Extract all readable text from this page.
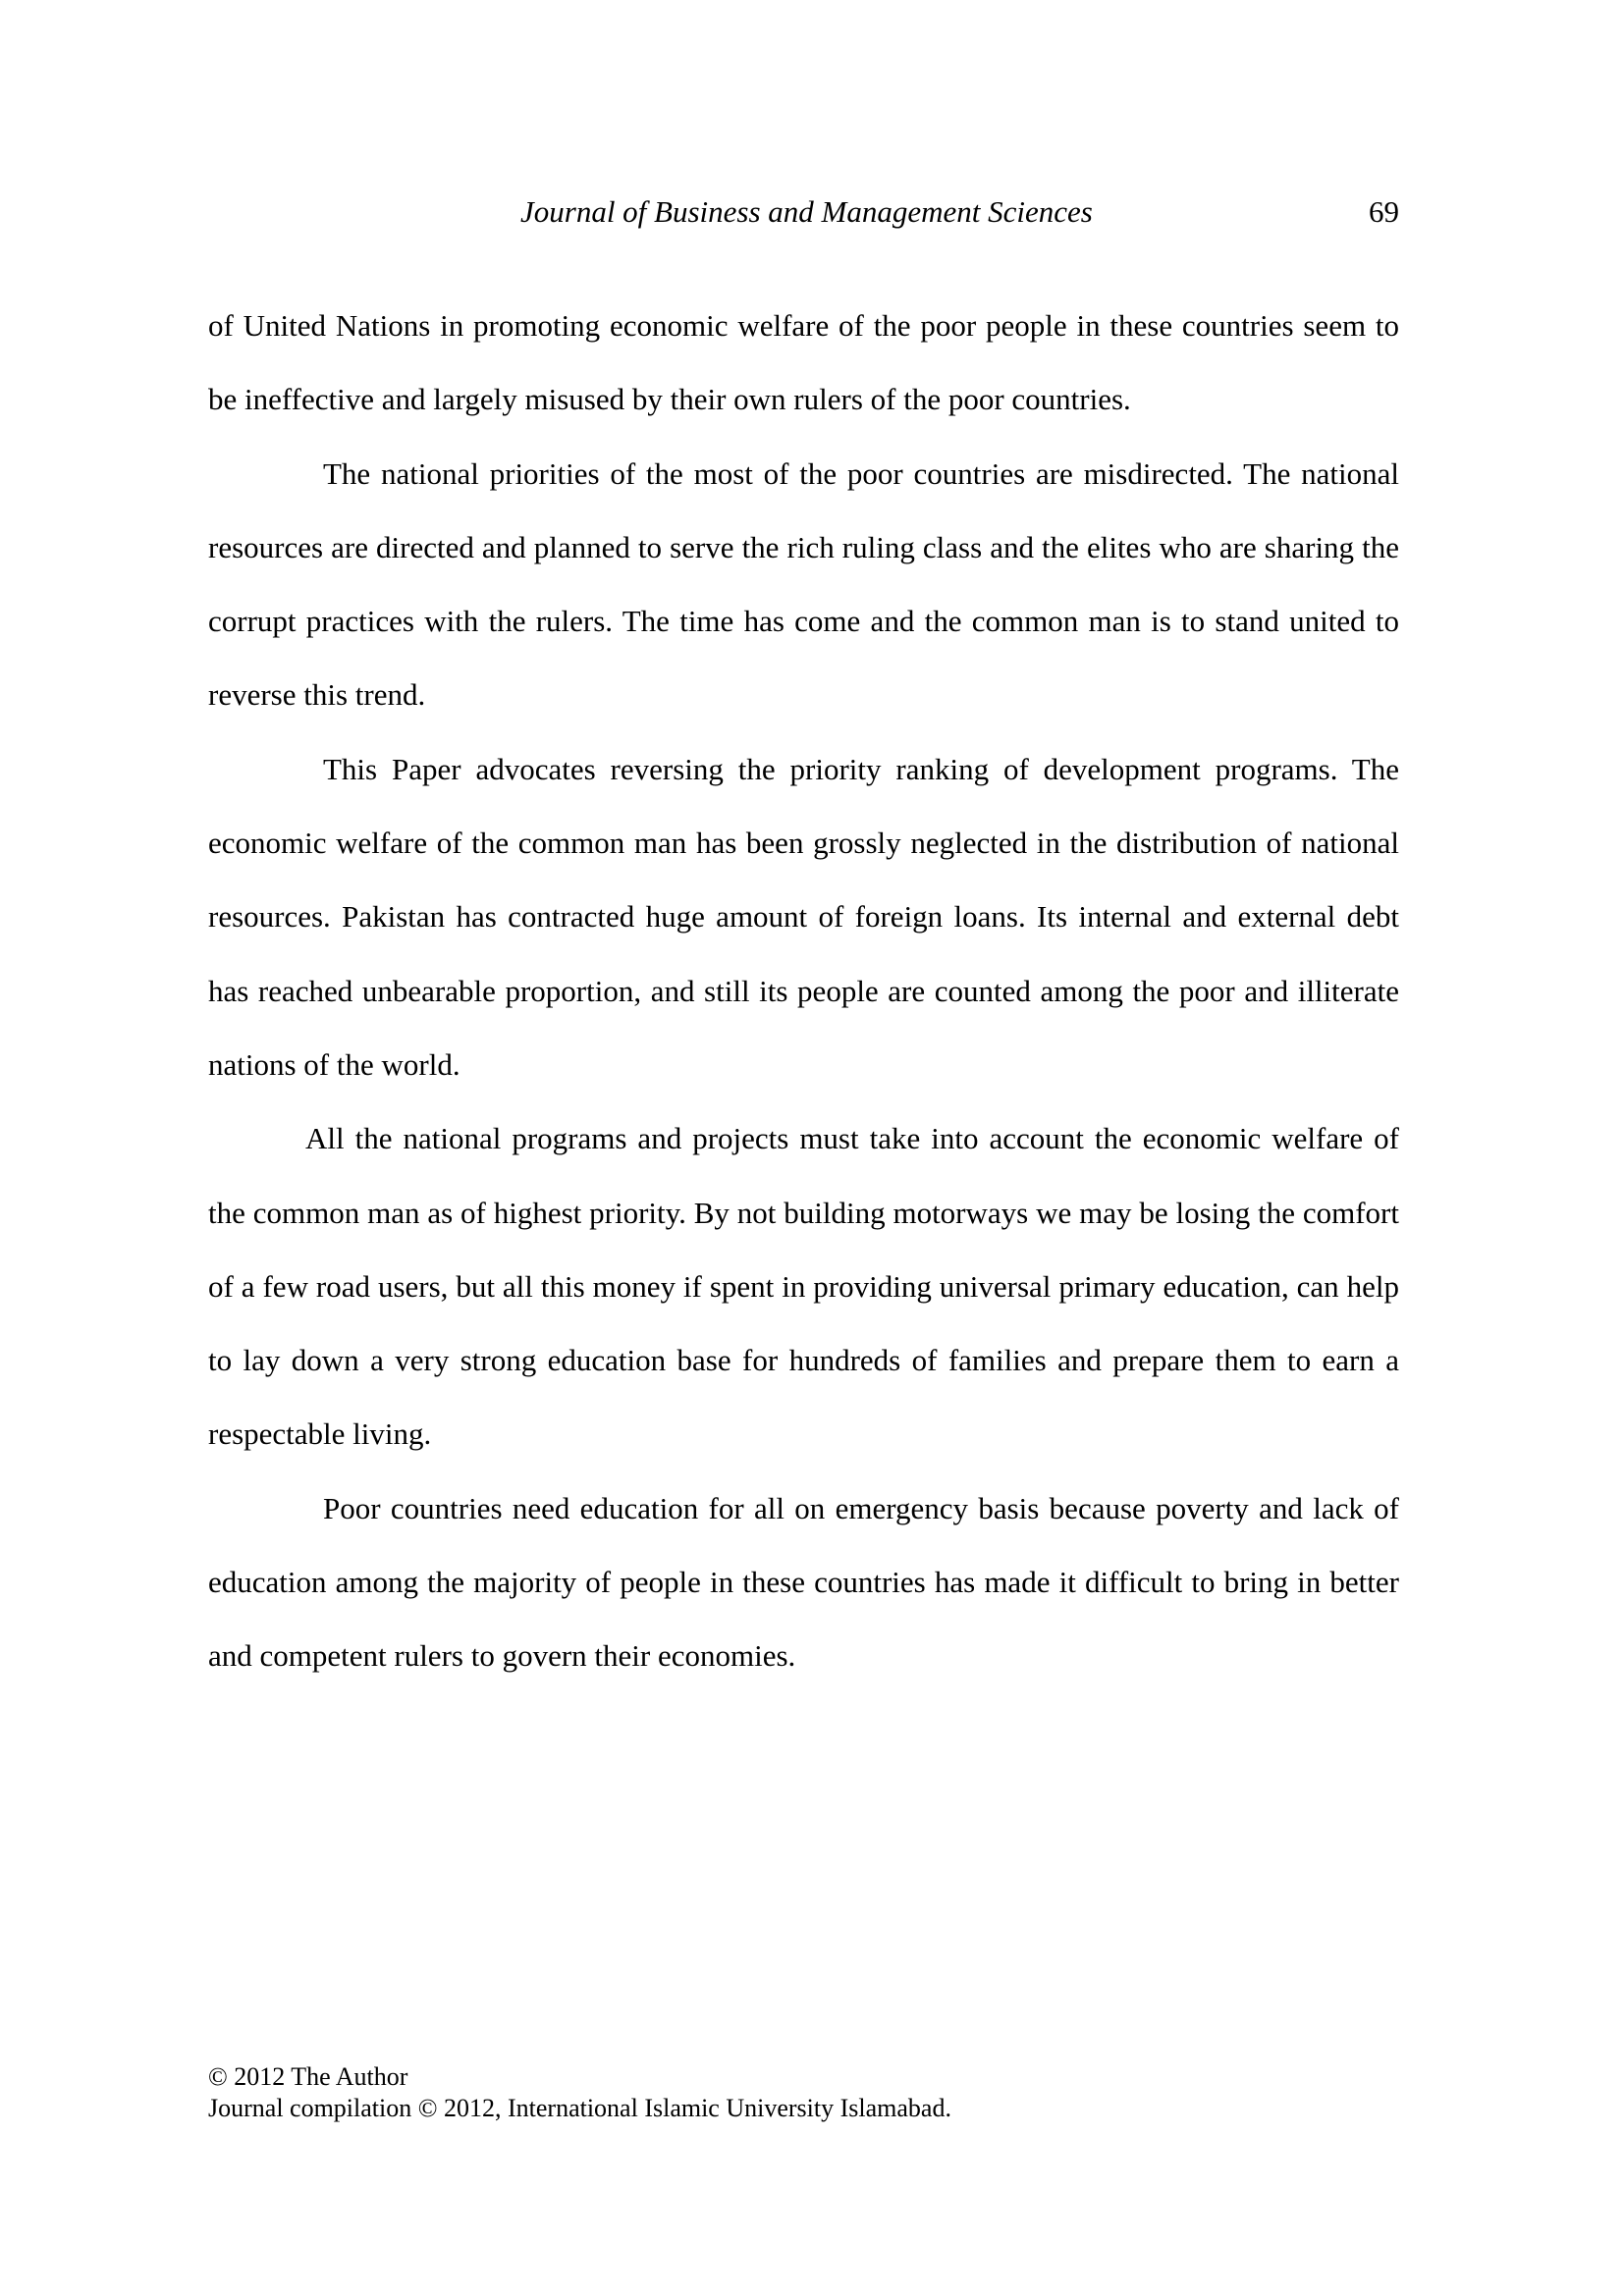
Journal of Business and Management Sciences	69

of United Nations in promoting economic welfare of the poor people in these countries seem to be ineffective and largely misused by their own rulers of the poor countries.

The national priorities of the most of the poor countries are misdirected. The national resources are directed and planned to serve the rich ruling class and the elites who are sharing the corrupt practices with the rulers. The time has come and the common man is to stand united to reverse this trend.

This Paper advocates reversing the priority ranking of development programs. The economic welfare of the common man has been grossly neglected in the distribution of national resources. Pakistan has contracted huge amount of foreign loans. Its internal and external debt has reached unbearable proportion, and still its people are counted among the poor and illiterate nations of the world.

All the national programs and projects must take into account the economic welfare of the common man as of highest priority. By not building motorways we may be losing the comfort of a few road users, but all this money if spent in providing universal primary education, can help to lay down a very strong education base for hundreds of families and prepare them to earn a respectable living.

Poor countries need education for all on emergency basis because poverty and lack of education among the majority of people in these countries has made it difficult to bring in better and competent rulers to govern their economies.

© 2012 The Author
Journal compilation © 2012, International Islamic University Islamabad.
